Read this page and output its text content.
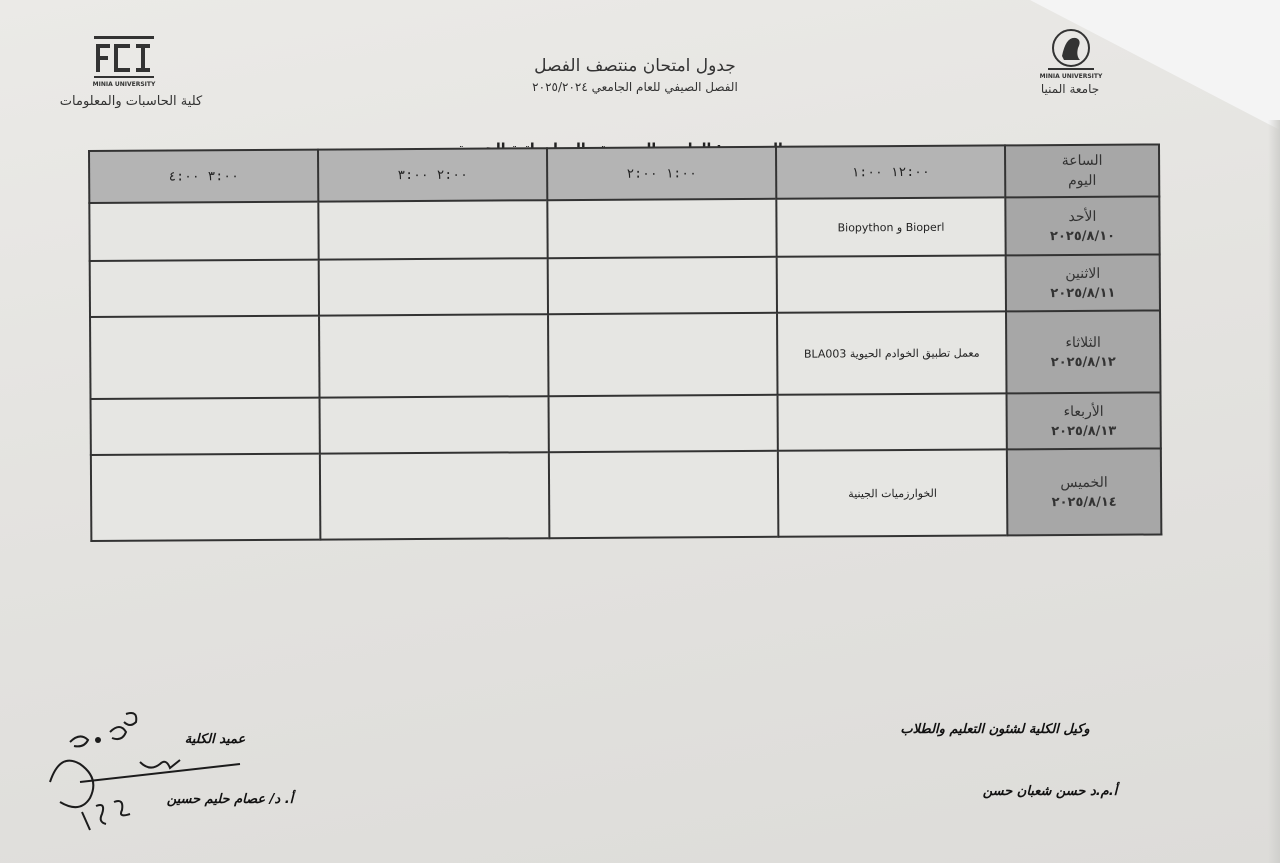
MINIA UNIVERSITY
كلية الحاسبات والمعلومات
MINIA UNIVERSITY
جامعة المنيا
جدول امتحان منتصف الفصل
الفصل الصيفي للعام الجامعي ٢٠٢٥/٢٠٢٤
الساعة
اليوم	١٢:٠٠ ١:٠٠	١:٠٠ ٢:٠٠	٢:٠٠ ٣:٠٠	٣:٠٠ ٤:٠٠

الأحد
٢٠٢٥/٨/١٠	Bioperl و Biopython			

الاثنين
٢٠٢٥/٨/١١				

الثلاثاء
٢٠٢٥/٨/١٢	معمل تطبيق الخوادم الحيوية BLA003			

الأربعاء
٢٠٢٥/٨/١٣				

الخميس
٢٠٢٥/٨/١٤	الخوارزميات الجينية			
عميد الكلية
أ. د/ عصام حليم حسين
وكيل الكلية لشئون التعليم والطلاب
أ.م.د حسن شعبان حسن
